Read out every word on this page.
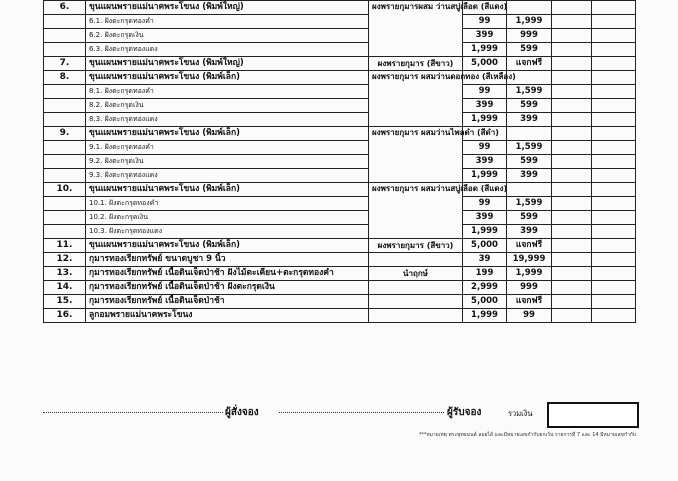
6.	ขุนแผนพรายแม่นาคพระโขนง (พิมพ์ใหญ่)	ผงพรายกุมารผสม ว่านสบู่เลือด (สีแดง)				
	6.1. ฝังตะกรุดทองคำ		99	1,999		
	6.2. ฝังตะกรุดเงิน		399	999		
	6.3. ฝังตะกรุดทองแดง		1,999	599		
7.	ขุนแผนพรายแม่นาคพระโขนง (พิมพ์ใหญ่)	ผงพรายกุมาร (สีขาว)	5,000	แจกฟรี		
8.	ขุนแผนพรายแม่นาคพระโขนง (พิมพ์เล็ก)	ผงพรายกุมาร ผสมว่านดอกทอง (สีเหลือง)				
	8.1. ฝังตะกรุดทองคำ		99	1,599		
	8.2. ฝังตะกรุดเงิน		399	599		
	8.3. ฝังตะกรุดทองแดง		1,999	399		
9.	ขุนแผนพรายแม่นาคพระโขนง (พิมพ์เล็ก)	ผงพรายกุมาร ผสมว่านไพลดำ (สีดำ)				
	9.1. ฝังตะกรุดทองคำ		99	1,599		
	9.2. ฝังตะกรุดเงิน		399	599		
	9.3. ฝังตะกรุดทองแดง		1,999	399		
10.	ขุนแผนพรายแม่นาคพระโขนง (พิมพ์เล็ก)	ผงพรายกุมาร ผสมว่านสบู่เลือด (สีแดง)				
	10.1. ฝังตะกรุดทองคำ		99	1,599		
	10.2. ฝังตะกรุดเงิน		399	599		
	10.3. ฝังตะกรุดทองแดง		1,999	399		
11.	ขุนแผนพรายแม่นาคพระโขนง (พิมพ์เล็ก)	ผงพรายกุมาร (สีขาว)	5,000	แจกฟรี		
12.	กุมารทองเรียกทรัพย์ ขนาดบูชา 9 นิ้ว		39	19,999		
13.	กุมารทองเรียกทรัพย์ เนื้อดินเจ็ดป่าช้า ฝังไม้ตะเคียน+ตะกรุดทองคำ	นำฤกษ์	199	1,999		
14.	กุมารทองเรียกทรัพย์ เนื้อดินเจ็ดป่าช้า ฝังตะกรุดเงิน		2,999	999		
15.	กุมารทองเรียกทรัพย์ เนื้อดินเจ็ดป่าช้า		5,000	แจกฟรี		
16.	ลูกอมพรายแม่นาคพระโขนง		1,999	99		
ผู้สั่งจอง	ผู้รับจอง	รวมเงิน
***หมายเหตุ พระพุทธมนต์ ลอยได้ และมีหมายเลขกำกับยกเว้น รายการที่ 7 และ 14 มีหมายเลขกำกับ
